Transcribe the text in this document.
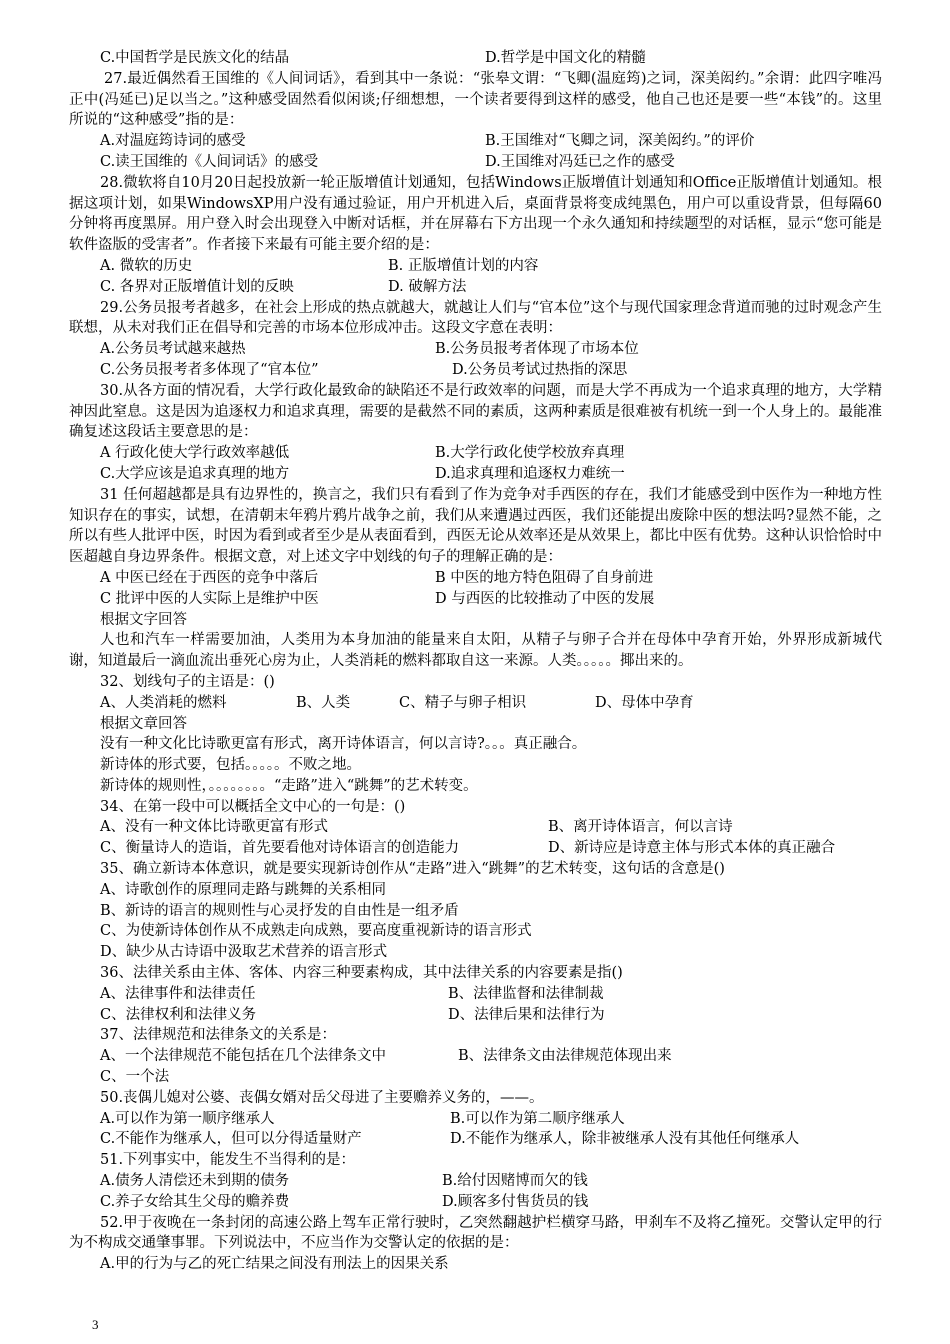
C.中国哲学是民族文化的结晶	D.哲学是中国文化的精髓
27.最近偶然看王国维的《人间词话》，看到其中一条说：“张皋文谓：“飞卿(温庭筠)之词，深美闳约。”余谓：此四字唯冯正中(冯延已)足以当之。”这种感受固然看似闲谈;仔细想想，一个读者要得到这样的感受，他自己也还是要一些“本钱”的。这里所说的“这种感受”指的是：
A.对温庭筠诗词的感受	B.王国维对“飞卿之词，深美闳约。”的评价
C.读王国维的《人间词话》的感受	D.王国维对冯廷已之作的感受
28.微软将自10月20日起投放新一轮正版增值计划通知，包括Windows正版增值计划通知和Office正版增值计划通知。根据这项计划，如果WindowsXP用户没有通过验证，用户开机进入后，桌面背景将变成纯黑色，用户可以重设背景，但每隔60分钟将再度黑屏。用户登入时会出现登入中断对话框，并在屏幕右下方出现一个永久通知和持续题型的对话框，显示“您可能是软件盗版的受害者”。作者接下来最有可能主要介绍的是：
A. 微软的历史	B. 正版增值计划的内容
C. 各界对正版增值计划的反映	D. 破解方法
29.公务员报考者越多，在社会上形成的热点就越大，就越让人们与“官本位”这个与现代国家理念背道而驰的过时观念产生联想，从未对我们正在倡导和完善的市场本位形成冲击。这段文字意在表明：
A.公务员考试越来越热	B.公务员报考者体现了市场本位
C.公务员报考者多体现了“官本位”	D.公务员考试过热指的深思
30.从各方面的情况看，大学行政化最致命的缺陷还不是行政效率的问题，而是大学不再成为一个追求真理的地方，大学精神因此窒息。这是因为追逐权力和追求真理，需要的是截然不同的素质，这两种素质是很难被有机统一到一个人身上的。最能准确复述这段话主要意思的是：
A 行政化使大学行政效率越低	B.大学行政化使学校放弃真理
C.大学应该是追求真理的地方	D.追求真理和追逐权力难统一
31 任何超越都是具有边界性的，换言之，我们只有看到了作为竞争对手西医的存在，我们才能感受到中医作为一种地方性知识存在的事实，试想，在清朝末年鸦片鸦片战争之前，我们从来遭遇过西医，我们还能提出废除中医的想法吗?显然不能，之所以有些人批评中医，时因为看到或者至少是从表面看到，西医无论从效率还是从效果上，都比中医有优势。这种认识恰恰时中医超越自身边界条件。根据文意，对上述文字中划线的句子的理解正确的是：
A 中医已经在于西医的竞争中落后	B 中医的地方特色阻碍了自身前进
C 批评中医的人实际上是维护中医	D 与西医的比较推动了中医的发展
根据文字回答
人也和汽车一样需要加油，人类用为本身加油的能量来自太阳，从精子与卵子合并在母体中孕育开始，外界形成新城代谢，知道最后一滴血流出垂死心房为止，人类消耗的燃料都取自这一来源。人类。。。。。揶出来的。
32、划线句子的主语是：()
A、人类消耗的燃料	B、人类	C、精子与卵子相识	D、母体中孕育
根据文章回答
没有一种文化比诗歌更富有形式，离开诗体语言，何以言诗?。。。真正融合。
新诗体的形式要，包括。。。。。不败之地。
新诗体的规则性，。。。。。。。。“走路”进入“跳舞”的艺术转变。
34、在第一段中可以概括全文中心的一句是：()
A、没有一种文体比诗歌更富有形式	B、离开诗体语言，何以言诗
C、衡量诗人的造诣，首先要看他对诗体语言的创造能力	D、新诗应是诗意主体与形式本体的真正融合
35、确立新诗本体意识，就是要实现新诗创作从“走路”进入“跳舞”的艺术转变，这句话的含意是()
A、诗歌创作的原理同走路与跳舞的关系相同
B、新诗的语言的规则性与心灵抒发的自由性是一组矛盾
C、为使新诗体创作从不成熟走向成熟，要高度重视新诗的语言形式
D、缺少从古诗语中汲取艺术营养的语言形式
36、法律关系由主体、客体、内容三种要素构成，其中法律关系的内容要素是指()
A、法律事件和法律责任	B、法律监督和法律制裁
C、法律权利和法律义务	D、法律后果和法律行为
37、法律规范和法律条文的关系是：
A、一个法律规范不能包括在几个法律条文中	B、法律条文由法律规范体现出来
C、一个法
50.丧偶儿媳对公婆、丧偶女婿对岳父母进了主要赡养义务的，——。
A.可以作为第一顺序继承人	B.可以作为第二顺序继承人
C.不能作为继承人，但可以分得适量财产	D.不能作为继承人，除非被继承人没有其他任何继承人
51.下列事实中，能发生不当得利的是：
A.债务人清偿还未到期的债务	B.给付因赌博而欠的钱
C.养子女给其生父母的赡养费	D.顾客多付售货员的钱
52.甲于夜晚在一条封闭的高速公路上驾车正常行驶时，乙突然翻越护栏横穿马路，甲刹车不及将乙撞死。交警认定甲的行为不构成交通肇事罪。下列说法中，不应当作为交警认定的依据的是：
A.甲的行为与乙的死亡结果之间没有刑法上的因果关系
3
